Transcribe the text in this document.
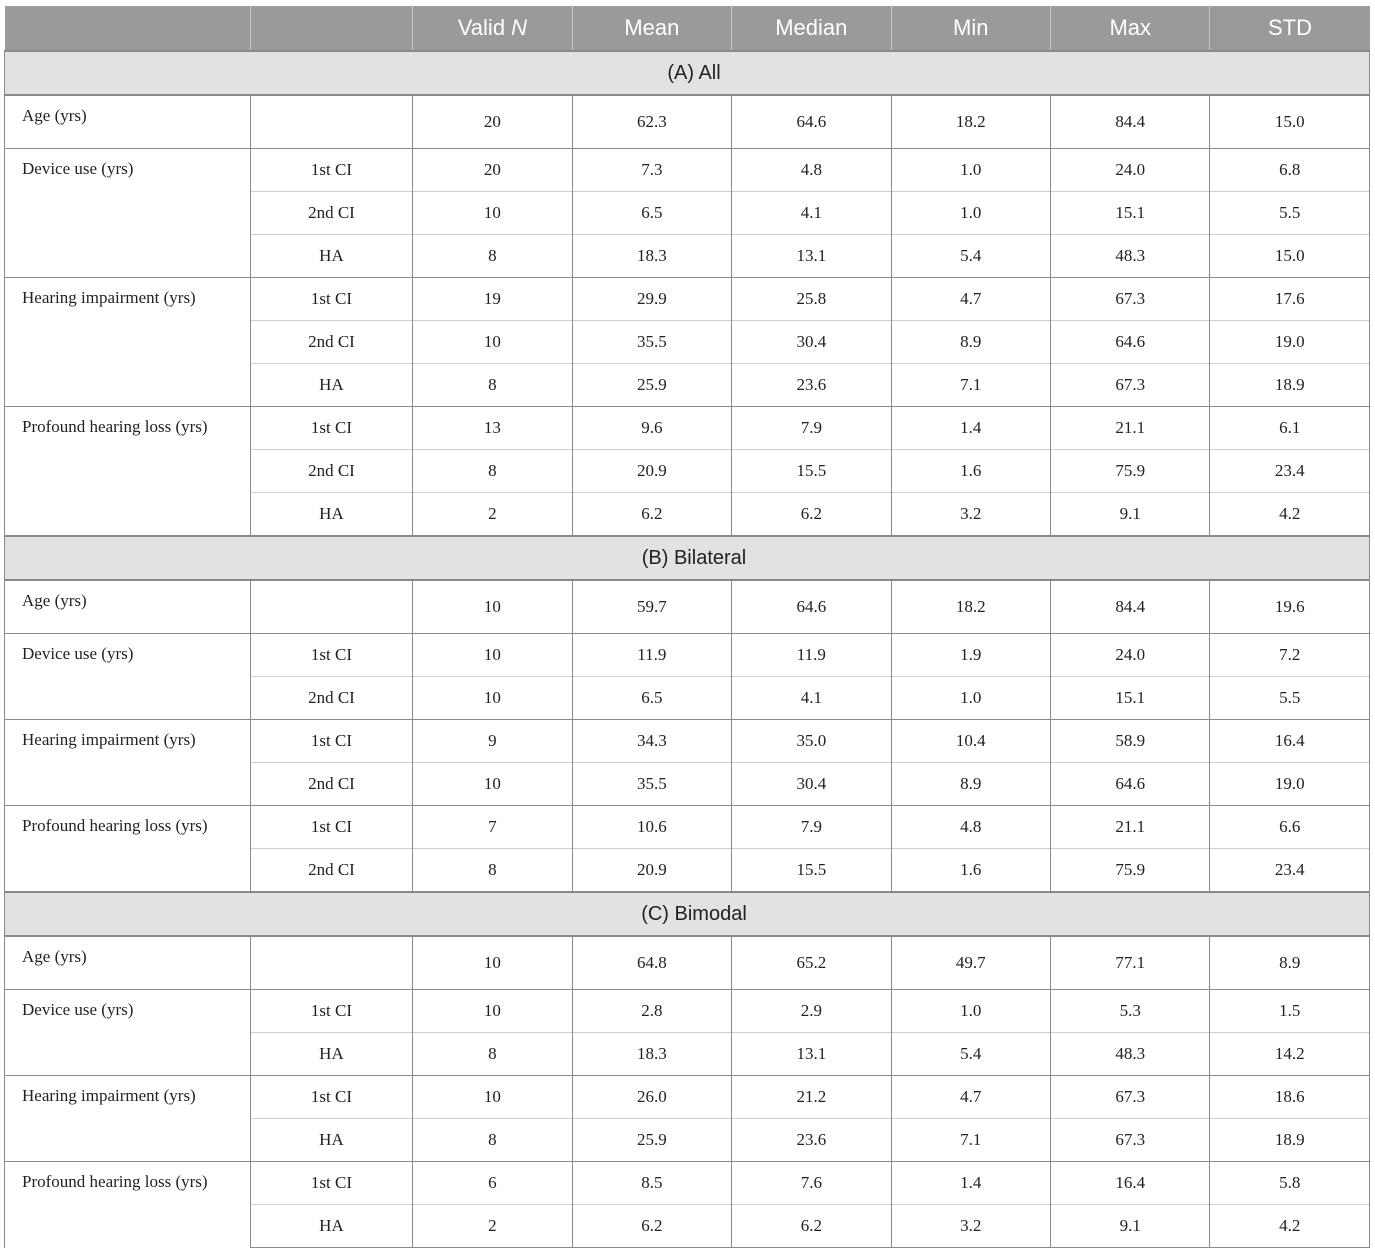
		Valid N	Mean	Median	Min	Max	STD
(A) All							
Age (yrs)		20	62.3	64.6	18.2	84.4	15.0
Device use (yrs)	1st CI	20	7.3	4.8	1.0	24.0	6.8
	2nd CI	10	6.5	4.1	1.0	15.1	5.5
	HA	8	18.3	13.1	5.4	48.3	15.0
Hearing impairment (yrs)	1st CI	19	29.9	25.8	4.7	67.3	17.6
	2nd CI	10	35.5	30.4	8.9	64.6	19.0
	HA	8	25.9	23.6	7.1	67.3	18.9
Profound hearing loss (yrs)	1st CI	13	9.6	7.9	1.4	21.1	6.1
	2nd CI	8	20.9	15.5	1.6	75.9	23.4
	HA	2	6.2	6.2	3.2	9.1	4.2
(B) Bilateral							
Age (yrs)		10	59.7	64.6	18.2	84.4	19.6
Device use (yrs)	1st CI	10	11.9	11.9	1.9	24.0	7.2
	2nd CI	10	6.5	4.1	1.0	15.1	5.5
Hearing impairment (yrs)	1st CI	9	34.3	35.0	10.4	58.9	16.4
	2nd CI	10	35.5	30.4	8.9	64.6	19.0
Profound hearing loss (yrs)	1st CI	7	10.6	7.9	4.8	21.1	6.6
	2nd CI	8	20.9	15.5	1.6	75.9	23.4
(C) Bimodal							
Age (yrs)		10	64.8	65.2	49.7	77.1	8.9
Device use (yrs)	1st CI	10	2.8	2.9	1.0	5.3	1.5
	HA	8	18.3	13.1	5.4	48.3	14.2
Hearing impairment (yrs)	1st CI	10	26.0	21.2	4.7	67.3	18.6
	HA	8	25.9	23.6	7.1	67.3	18.9
Profound hearing loss (yrs)	1st CI	6	8.5	7.6	1.4	16.4	5.8
	HA	2	6.2	6.2	3.2	9.1	4.2
